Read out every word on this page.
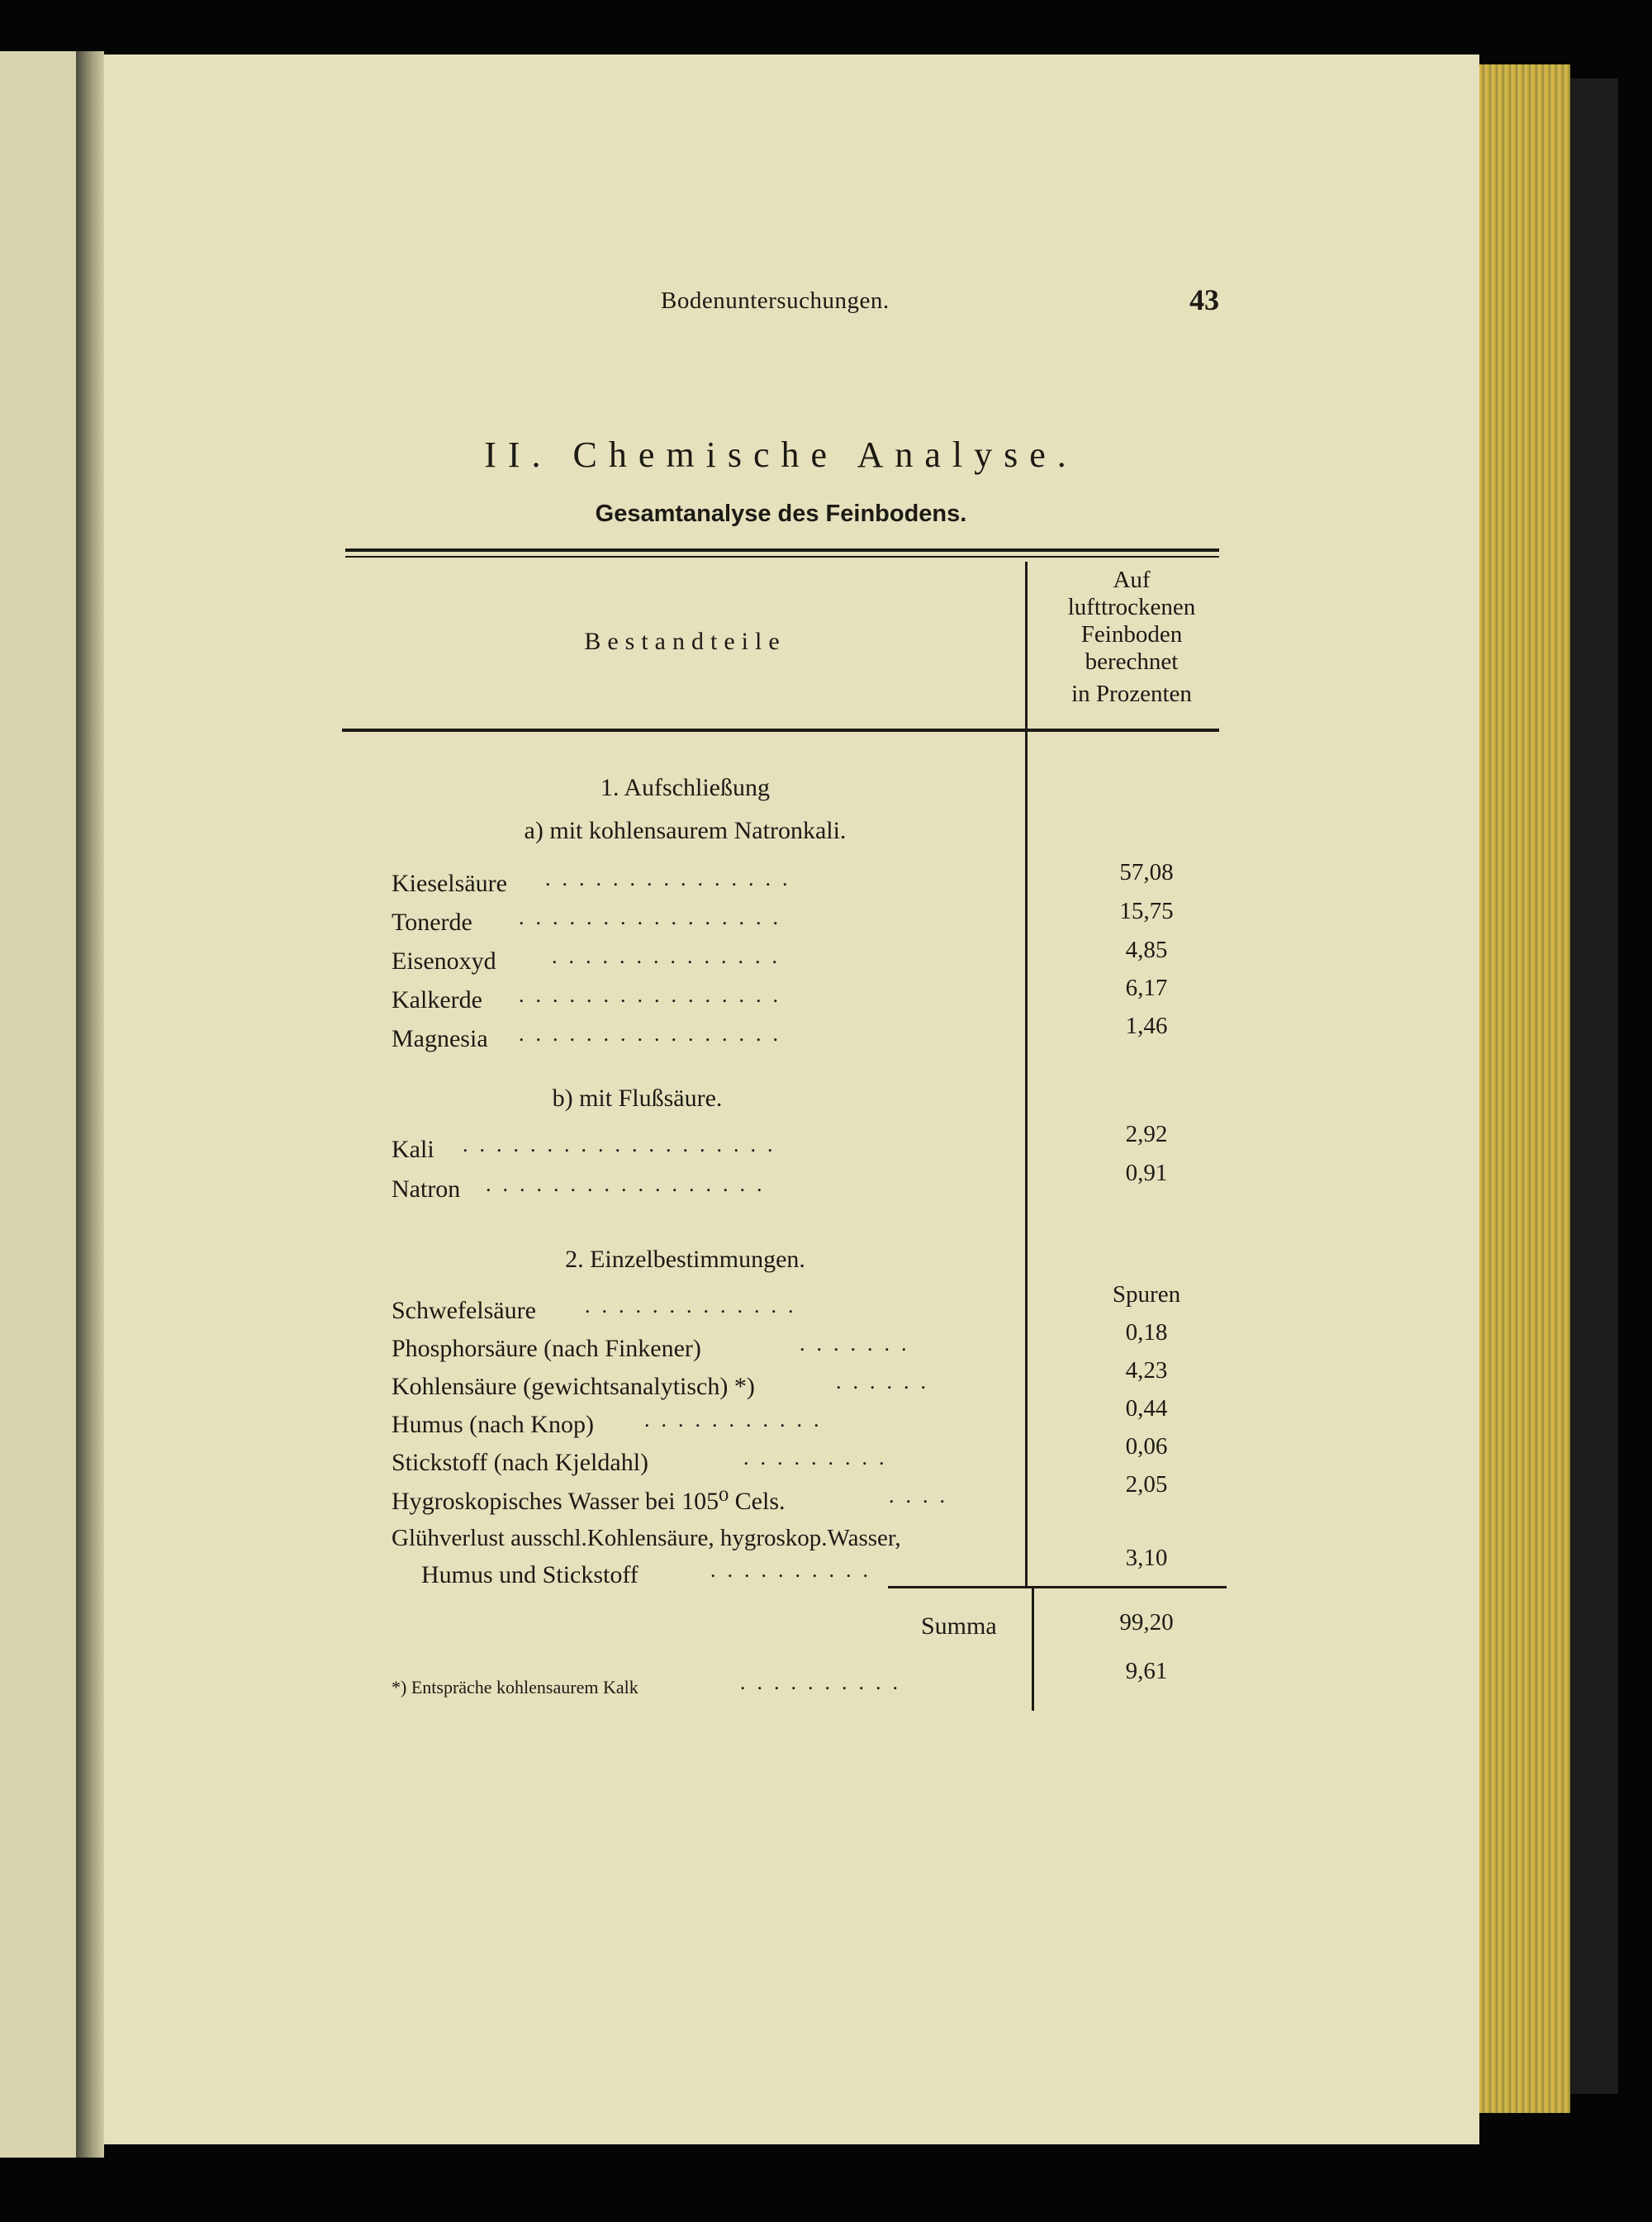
Bodenuntersuchungen.	43
II. Chemische Analyse.
Gesamtanalyse des Feinbodens.
Bestandteile
Auf
lufttrockenen
Feinboden
berechnet
in Prozenten
1. Aufschließung
a) mit kohlensaurem Natronkali.
Kieselsäure ...............	57,08
Tonerde ................	15,75
Eisenoxyd	..............	4,85
Kalkerde ................	6,17
Magnesia ................	1,46
b) mit Flußsäure.
Kali ...................	2,92
Natron .................	0,91
2. Einzelbestimmungen.
Schwefelsäure .............	Spuren
Phosphorsäure (nach Finkener)	.......	0,18
Kohlensäure (gewichtsanalytisch) *)	......	4,23
Humus (nach Knop) ...........	0,44
Stickstoff (nach Kjeldahl)	.........	0,06
Hygroskopisches Wasser bei 105⁰ Cels.	....	2,05
Glühverlust ausschl.Kohlensäure, hygroskop.Wasser,
Humus und Stickstoff	..........	3,10
Summa	99,20
*) Entspräche kohlensaurem Kalk	..........	9,61
